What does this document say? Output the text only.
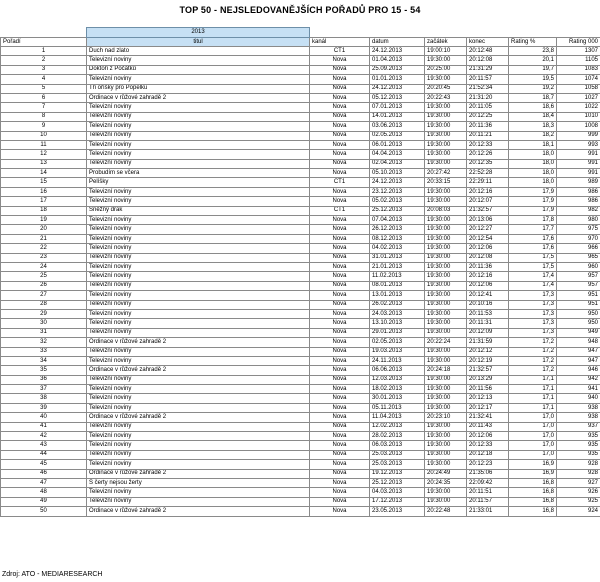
TOP 50 - NEJSLEDOVANĚJŠÍCH POŘADŮ PRO 15 - 54
	2013						
Pořadí	titul	kanál	datum	začátek	konec	Rating %	Rating 000
1	Duch nad zlato	ČT1	24.12.2013	19:00:10	20:12:48	23,8	1307
2	Televizní noviny	Nova	01.04.2013	19:30:00	20:12:08	20,1	1105
3	Doktoři z Počátků	Nova	25.09.2013	20:25:00	21:31:29	19,7	1083
4	Televizní noviny	Nova	01.01.2013	19:30:00	20:11:57	19,5	1074
5	Tři oříšky pro Popelku	Nova	24.12.2013	20:20:45	21:52:34	19,2	1058
6	Ordinace v růžové zahradě 2	Nova	05.12.2013	20:22:43	21:31:20	18,7	1027
7	Televizní noviny	Nova	07.01.2013	19:30:00	20:11:05	18,6	1022
8	Televizní noviny	Nova	14.01.2013	19:30:00	20:12:25	18,4	1010
9	Televizní noviny	Nova	03.06.2013	19:30:00	20:11:36	18,3	1008
10	Televizní noviny	Nova	02.05.2013	19:30:00	20:11:21	18,2	999
11	Televizní noviny	Nova	06.01.2013	19:30:00	20:12:33	18,1	993
12	Televizní noviny	Nova	04.04.2013	19:30:00	20:12:26	18,0	991
13	Televizní noviny	Nova	02.04.2013	19:30:00	20:12:35	18,0	991
14	Probudím se včera	Nova	05.10.2013	20:27:42	22:52:28	18,0	991
15	Pelíšky	ČT1	24.12.2013	20:33:15	22:29:11	18,0	989
16	Televizní noviny	Nova	23.12.2013	19:30:00	20:12:16	17,9	986
17	Televizní noviny	Nova	05.02.2013	19:30:00	20:12:07	17,9	986
18	Sněžný drak	ČT1	25.12.2013	20:08:03	21:32:57	17,9	982
19	Televizní noviny	Nova	07.04.2013	19:30:00	20:13:06	17,8	980
20	Televizní noviny	Nova	26.12.2013	19:30:00	20:12:27	17,7	975
21	Televizní noviny	Nova	08.12.2013	19:30:00	20:12:54	17,6	970
22	Televizní noviny	Nova	04.02.2013	19:30:00	20:12:06	17,6	966
23	Televizní noviny	Nova	31.01.2013	19:30:00	20:12:08	17,5	965
24	Televizní noviny	Nova	21.01.2013	19:30:00	20:11:36	17,5	960
25	Televizní noviny	Nova	11.02.2013	19:30:00	20:12:16	17,4	957
26	Televizní noviny	Nova	08.01.2013	19:30:00	20:12:06	17,4	957
27	Televizní noviny	Nova	13.01.2013	19:30:00	20:12:41	17,3	951
28	Televizní noviny	Nova	26.02.2013	19:30:00	20:10:16	17,3	951
29	Televizní noviny	Nova	24.03.2013	19:30:00	20:11:53	17,3	950
30	Televizní noviny	Nova	13.10.2013	19:30:00	20:11:31	17,3	950
31	Televizní noviny	Nova	29.01.2013	19:30:00	20:12:09	17,3	949
32	Ordinace v růžové zahradě 2	Nova	02.05.2013	20:22:24	21:31:59	17,2	948
33	Televizní noviny	Nova	19.03.2013	19:30:00	20:12:12	17,2	947
34	Televizní noviny	Nova	24.11.2013	19:30:00	20:12:19	17,2	947
35	Ordinace v růžové zahradě 2	Nova	06.06.2013	20:24:18	21:32:57	17,2	946
36	Televizní noviny	Nova	12.03.2013	19:30:00	20:13:29	17,1	942
37	Televizní noviny	Nova	18.02.2013	19:30:00	20:11:56	17,1	941
38	Televizní noviny	Nova	30.01.2013	19:30:00	20:12:13	17,1	940
39	Televizní noviny	Nova	05.11.2013	19:30:00	20:12:17	17,1	938
40	Ordinace v růžové zahradě 2	Nova	11.04.2013	20:23:10	21:32:41	17,0	938
41	Televizní noviny	Nova	12.02.2013	19:30:00	20:11:43	17,0	937
42	Televizní noviny	Nova	28.02.2013	19:30:00	20:12:06	17,0	935
43	Televizní noviny	Nova	06.03.2013	19:30:00	20:12:33	17,0	935
44	Televizní noviny	Nova	25.03.2013	19:30:00	20:12:18	17,0	935
45	Televizní noviny	Nova	25.03.2013	19:30:00	20:12:23	16,9	928
46	Ordinace v růžové zahradě 2	Nova	19.12.2013	20:24:49	21:35:06	16,9	928
47	S čerty nejsou žerty	Nova	25.12.2013	20:24:35	22:09:42	16,8	927
48	Televizní noviny	Nova	04.03.2013	19:30:00	20:11:51	16,8	926
49	Televizní noviny	Nova	17.12.2013	19:30:00	20:11:57	16,8	925
50	Ordinace v růžové zahradě 2	Nova	23.05.2013	20:22:48	21:33:01	16,8	924
Zdroj: ATO - MEDIARESEARCH
